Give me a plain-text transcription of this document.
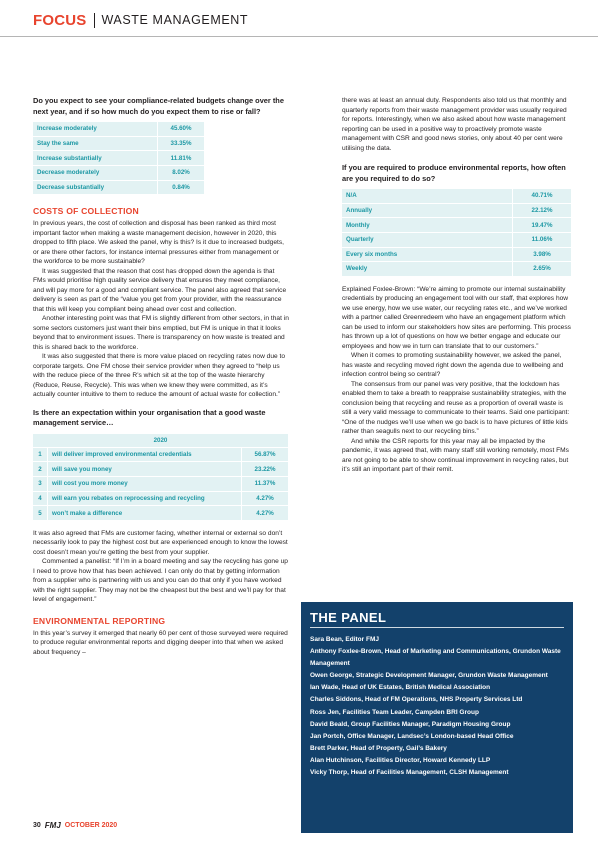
FOCUS WASTE MANAGEMENT

Do you expect to see your compliance-related budgets change over the next year, and if so how much do you expect them to rise or fall?

Increase moderately	45.60%
Stay the same	33.35%
Increase substantially	11.81%
Decrease moderately	8.02%
Decrease substantially	0.84%
COSTS OF COLLECTION

In previous years, the cost of collection and disposal has been ranked as third most important factor when making a waste management decision, however in 2020, this dropped to fifth place. We asked the panel, why is this? Is it due to increased budgets, or are there other factors, for instance internal pressures either from management or the workforce to be more sustainable?

It was suggested that the reason that cost has dropped down the agenda is that FMs would prioritise high quality service delivery that ensures they meet compliance, and will pay more for a good and compliant service. The panel also agreed that service delivery is seen as part of the “value you get from your provider, with the reassurance that this will keep you compliant being ahead over cost and collection.

Another interesting point was that FM is slightly different from other sectors, in that in some sectors customers just want their bins emptied, but FM is unique in that it looks beyond that to environment issues. There is transparency on how waste is treated and this is shared back to the workforce.

It was also suggested that there is more value placed on recycling rates now due to corporate targets. One FM chose their service provider when they agreed to “help us with the reduce piece of the three R’s which sit at the top of the waste hierarchy (Reduce, Reuse, Recycle). This was when we knew they were committed, as it’s actually counter intuitive to them to reduce the amount of actual waste for collection.”

Is there an expectation within your organisation that a good waste management service…

2020		
1	will deliver improved environmental credentials	56.87%
2	will save you money	23.22%
3	will cost you more money	11.37%
4	will earn you rebates on reprocessing and recycling	4.27%
5	won’t make a difference	4.27%

It was also agreed that FMs are customer facing, whether internal or external so don’t necessarily look to pay the highest cost but are experienced enough to know the lowest cost doesn’t mean you’re getting the best from your supplier.

Commented a panellist: “If I’m in a board meeting and say the recycling has gone up I need to prove how that has been achieved. I can only do that by getting information from a supplier who is partnering with us and you can do that only if you have worked with the right supplier. They may not be the cheapest but the best and we’ll pay for that level of engagement.”

ENVIRONMENTAL REPORTING

In this year’s survey it emerged that nearly 60 per cent of those surveyed were required to produce regular environmental reports and digging deeper into that when we asked about frequency –

there was at least an annual duty. Respondents also told us that monthly and quarterly reports from their waste management provider was usually required for reports. Interestingly, when we also asked about how waste management reporting can be used in a positive way to proactively promote waste management with CSR and good news stories, only about 40 per cent were utilising the data.

If you are required to produce environmental reports, how often are you required to do so?

N/A	40.71%
Annually	22.12%
Monthly	19.47%
Quarterly	11.06%
Every six months	3.98%
Weekly	2.65%

Explained Foxlee-Brown: “We’re aiming to promote our internal sustainability credentials by producing an engagement tool with our staff, that explores how we use energy, how we use water, our recycling rates etc., and we’ve worked with a partner called Greenredeem who have an engagement platform which can be used to inform our stakeholders how sites are performing. This process has thrown up a lot of questions on how we better engage and educate our employees and how we in turn can translate that to our customers.”

When it comes to promoting sustainability however, we asked the panel, has waste and recycling moved right down the agenda due to wellbeing and infection control being so central?

The consensus from our panel was very positive, that the lockdown has enabled them to take a breath to reappraise sustainability strategies, with the conclusion being that recycling and reuse as a proportion of overall waste is still a very valid message to communicate to their teams. Said one participant: “One of the nudges we’ll use when we go back is to have pictures of little kids rather than seagulls next to our recycling bins.”

And while the CSR reports for this year may all be impacted by the pandemic, it was agreed that, with many staff still working remotely, most FMs are not going to be able to show continual improvement in recycling rates, but it’s still an important part of their remit.

THE PANEL
Sara Bean, Editor FMJ
Anthony Foxlee-Brown, Head of Marketing and Communications, Grundon Waste Management
Owen George, Strategic Development Manager, Grundon Waste Management
Ian Wade, Head of UK Estates, British Medical Association
Charles Siddons, Head of FM Operations, NHS Property Services Ltd
Ross Jen, Facilities Team Leader, Campden BRI Group
David Beald, Group Facilities Manager, Paradigm Housing Group
Jan Portch, Office Manager, Landsec’s London-based Head Office
Brett Parker, Head of Property, Gail’s Bakery
Alan Hutchinson, Facilities Director, Howard Kennedy LLP
Vicky Thorp, Head of Facilities Management, CLSH Management
30 FMJ OCTOBER 2020
